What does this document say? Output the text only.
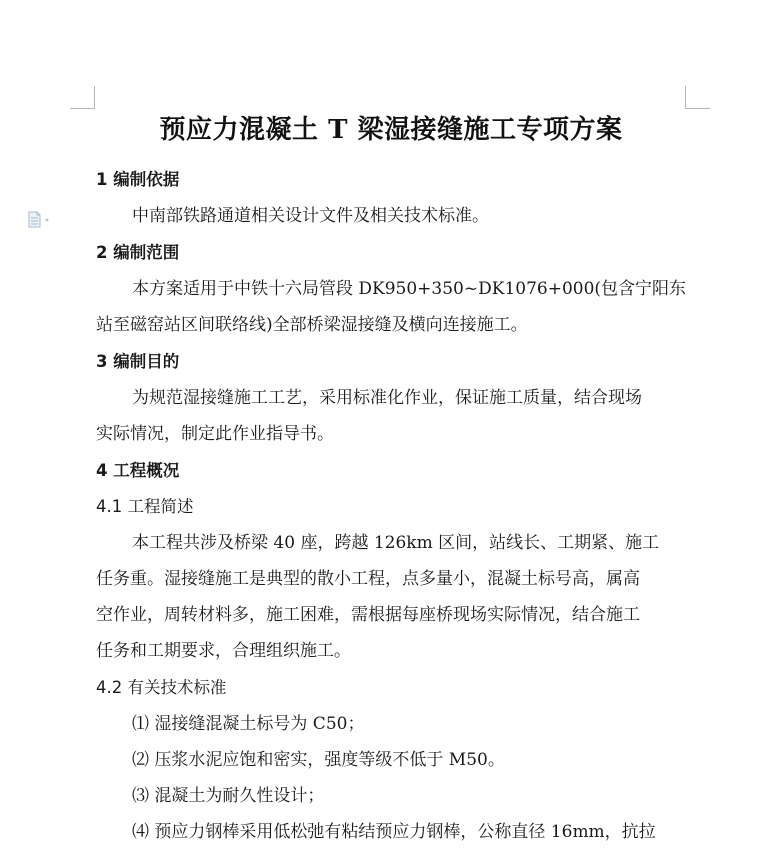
预应力混凝土 T 梁湿接缝施工专项方案
1 编制依据
中南部铁路通道相关设计文件及相关技术标准。
2 编制范围
本方案适用于中铁十六局管段 DK950+350~DK1076+000(包含宁阳东
站至磁窑站区间联络线)全部桥梁湿接缝及横向连接施工。
3 编制目的
为规范湿接缝施工工艺，采用标准化作业，保证施工质量，结合现场
实际情况，制定此作业指导书。
4 工程概况
4.1 工程简述
本工程共涉及桥梁 40 座，跨越 126km 区间，站线长、工期紧、施工
任务重。湿接缝施工是典型的散小工程，点多量小，混凝土标号高，属高
空作业，周转材料多，施工困难，需根据每座桥现场实际情况，结合施工
任务和工期要求，合理组织施工。
4.2 有关技术标准
⑴ 湿接缝混凝土标号为 C50；
⑵ 压浆水泥应饱和密实，强度等级不低于 M50。
⑶ 混凝土为耐久性设计；
⑷ 预应力钢棒采用低松弛有粘结预应力钢棒，公称直径 16mm，抗拉
